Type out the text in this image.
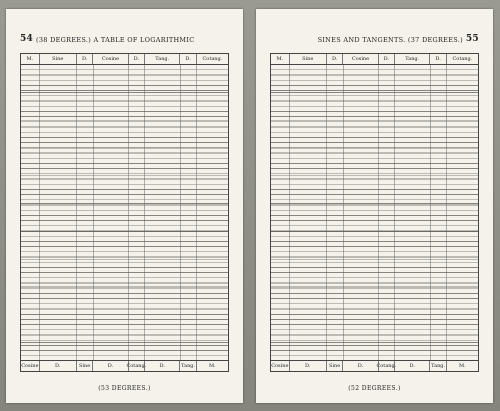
54 (38 DEGREES.) A TABLE OF LOGARITHMIC
M.	Sine	D.	Cosine	D.	Tang.	D.	Cotang.
Cosine	D.	Sine	D.	Cotang.	D.	Tang.	M.
(53 DEGREES.)
SINES AND TANGENTS. (37 DEGREES.) 55
M.	Sine	D.	Cosine	D.	Tang.	D.	Cotang.
Cosine	D.	Sine	D.	Cotang.	D.	Tang.	M.
(52 DEGREES.)
